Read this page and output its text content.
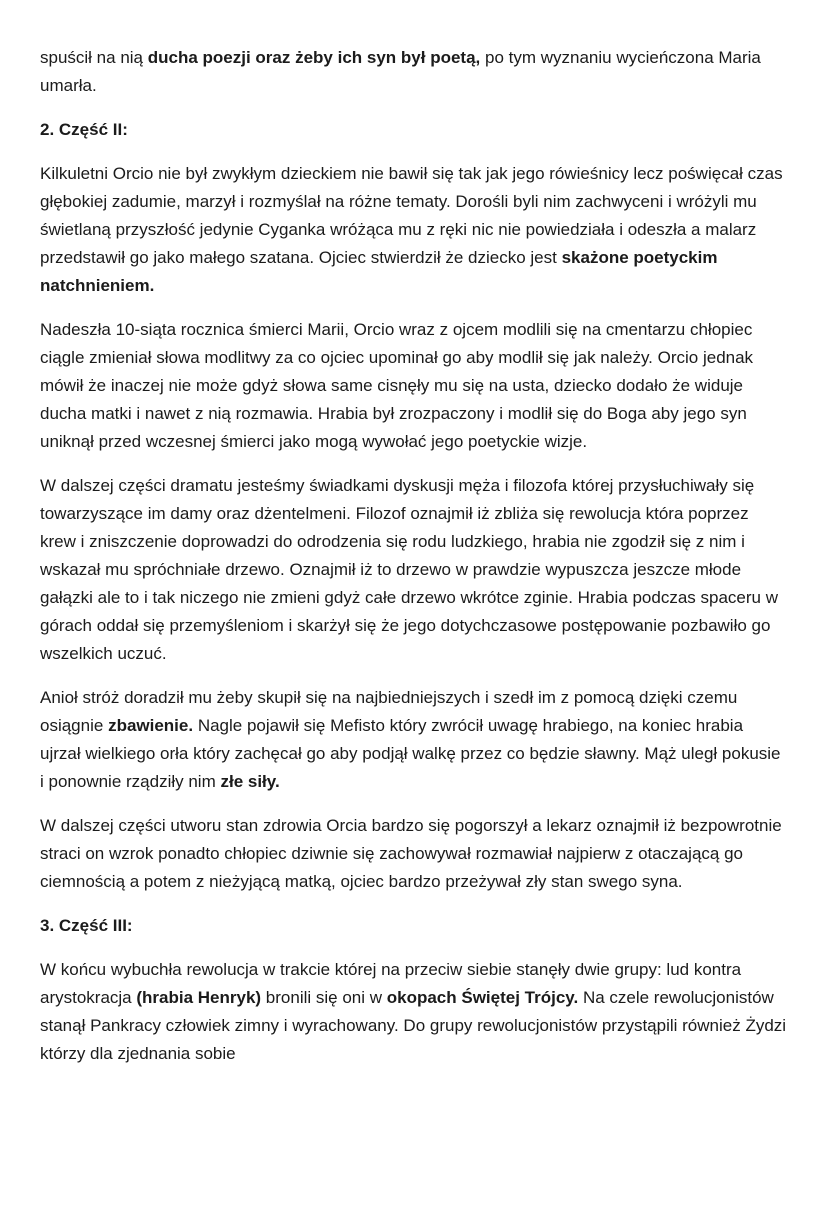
spuścił na nią ducha poezji oraz żeby ich syn był poetą, po tym wyznaniu wycieńczona Maria umarła.

2. Część II:

Kilkuletni Orcio nie był zwykłym dzieckiem nie bawił się tak jak jego rówieśnicy lecz poświęcał czas głębokiej zadumie, marzył i rozmyślał na różne tematy. Dorośli byli nim zachwyceni i wróżyli mu świetlaną przyszłość jedynie Cyganka wróżąca mu z ręki nic nie powiedziała i odeszła a malarz przedstawił go jako małego szatana. Ojciec stwierdził że dziecko jest skażone poetyckim natchnieniem.

Nadeszła 10-siąta rocznica śmierci Marii, Orcio wraz z ojcem modlili się na cmentarzu chłopiec ciągle zmieniał słowa modlitwy za co ojciec upominał go aby modlił się jak należy. Orcio jednak mówił że inaczej nie może gdyż słowa same cisnęły mu się na usta, dziecko dodało że widuje ducha matki i nawet z nią rozmawia. Hrabia był zrozpaczony i modlił się do Boga aby jego syn uniknął przed wczesnej śmierci jako mogą wywołać jego poetyckie wizje.

W dalszej części dramatu jesteśmy świadkami dyskusji męża i filozofa której przysłuchiwały się towarzyszące im damy oraz dżentelmeni. Filozof oznajmił iż zbliża się rewolucja która poprzez krew i zniszczenie doprowadzi do odrodzenia się rodu ludzkiego, hrabia nie zgodził się z nim i wskazał mu spróchniałe drzewo. Oznajmił iż to drzewo w prawdzie wypuszcza jeszcze młode gałązki ale to i tak niczego nie zmieni gdyż całe drzewo wkrótce zginie. Hrabia podczas spaceru w górach oddał się przemyśleniom i skarżył się że jego dotychczasowe postępowanie pozbawiło go wszelkich uczuć.

Anioł stróż doradził mu żeby skupił się na najbiedniejszych i szedł im z pomocą dzięki czemu osiągnie zbawienie. Nagle pojawił się Mefisto który zwrócił uwagę hrabiego, na koniec hrabia ujrzał wielkiego orła który zachęcał go aby podjął walkę przez co będzie sławny. Mąż uległ pokusie i ponownie rządziły nim złe siły.

W dalszej części utworu stan zdrowia Orcia bardzo się pogorszył a lekarz oznajmił iż bezpowrotnie straci on wzrok ponadto chłopiec dziwnie się zachowywał rozmawiał najpierw z otaczającą go ciemnością a potem z nieżyjącą matką, ojciec bardzo przeżywał zły stan swego syna.

3. Część III:

W końcu wybuchła rewolucja w trakcie której na przeciw siebie stanęły dwie grupy: lud kontra arystokracja (hrabia Henryk) bronili się oni w okopach Świętej Trójcy. Na czele rewolucjonistów stanął Pankracy człowiek zimny i wyrachowany. Do grupy rewolucjonistów przystąpili również Żydzi którzy dla zjednania sobie
